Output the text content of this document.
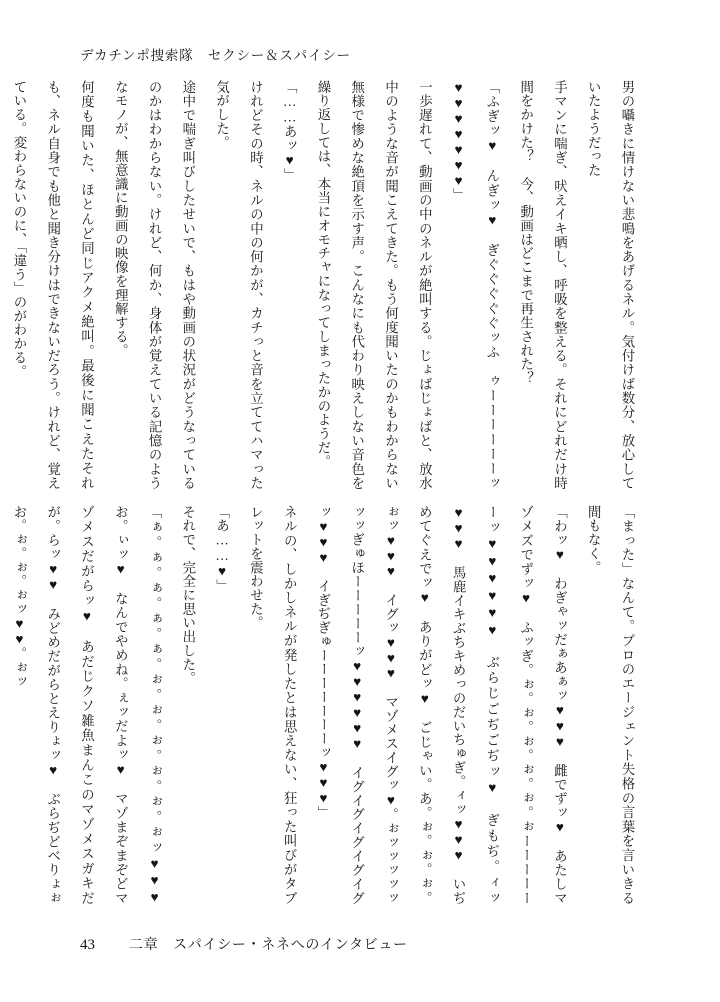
デカチンポ捜索隊　セクシー＆スパイシー

男の囁きに情けない悲鳴をあげるネル。気付けば数分、放心していたようだった

手マンに喘ぎ、吠えイキ晒し、呼吸を整える。それにどれだけ時間をかけた？　今、動画はどこまで再生された？

「ふぎッ♥　んぎッ♥　ぎぐぐぐぐぐッふ　ゥーーーーーーッ♥♥♥♥♥♥♥」

一歩遅れて、動画の中のネルが絶叫する。じょばじょばと、放水中のような音が聞こえてきた。もう何度聞いたのかもわからない無様で惨めな絶頂を示す声。こんなにも代わり映えしない音色を繰り返しては、本当にオモチャになってしまったかのようだ。

「……あッ♥」

けれどその時、ネルの中の何かが、カチっと音を立ててハマった気がした。

途中で喘ぎ叫びしたせいで、もはや動画の状況がどうなっているのかはわからない。けれど、何か、身体が覚えている記憶のようなモノが、無意識に動画の映像を理解する。

何度も聞いた、ほとんど同じアクメ絶叫。最後に聞こえたそれも、ネル自身でも他と聞き分けはできないだろう。けれど、覚えている。変わらないのに、「違う」のがわかる。

「まった」なんて。プロのエージェント失格の言葉を言いきる間もなく。

「わッ♥　わぎゃッだぁあぁッ♥♥♥　雌でずッ♥　あたしマゾメズでずッ♥　ふッぎ。ぉ。ぉ。ぉ。ぉ。ぉ。ぉーーーーーーッ♥♥♥♥♥♥　ぶらじごぢごぢッ♥　ぎもぢ。ィッ♥♥♥　馬鹿イキぶちキめっのだいちゅぎ。ィッ♥♥♥　いぢめてぐえでッ♥　ありがどッ♥　ごじゃい。あ。ぉ。ぉ。ぉ。ぉッ♥♥♥　イグッ♥♥♥　マゾメスイグッ♥。ぉッッッッッッッぎゅほーーーーーッ♥♥♥♥♥♥　イグイグイグイグイグッ♥♥♥　イぎぢぎゅーーーーーーーッ♥♥♥」

ネルの、しかしネルが発したとは思えない、狂った叫びがタブレットを震わせた。

「あ……♥」

それで、完全に思い出した。

「ぁ。ぁ。ぁ。ぁ。ぁ。ぉ。ぉ。ぉ。ぉ。ぉ。ぉッ♥♥♥　お。ぃッ♥　なんでやめね。ぇッだよッ♥　マゾまぞまぞどマゾメスだがらッ♥　あだじクソ雑魚まんこのマゾメスガキだが。らッ♥♥　みどめだがらとえりょッ♥　ぶらぢどべりょぉお。ぉ。ぉ。ぉッ♥♥。ぉッ

43 二章　スパイシー・ネネへのインタビュー
